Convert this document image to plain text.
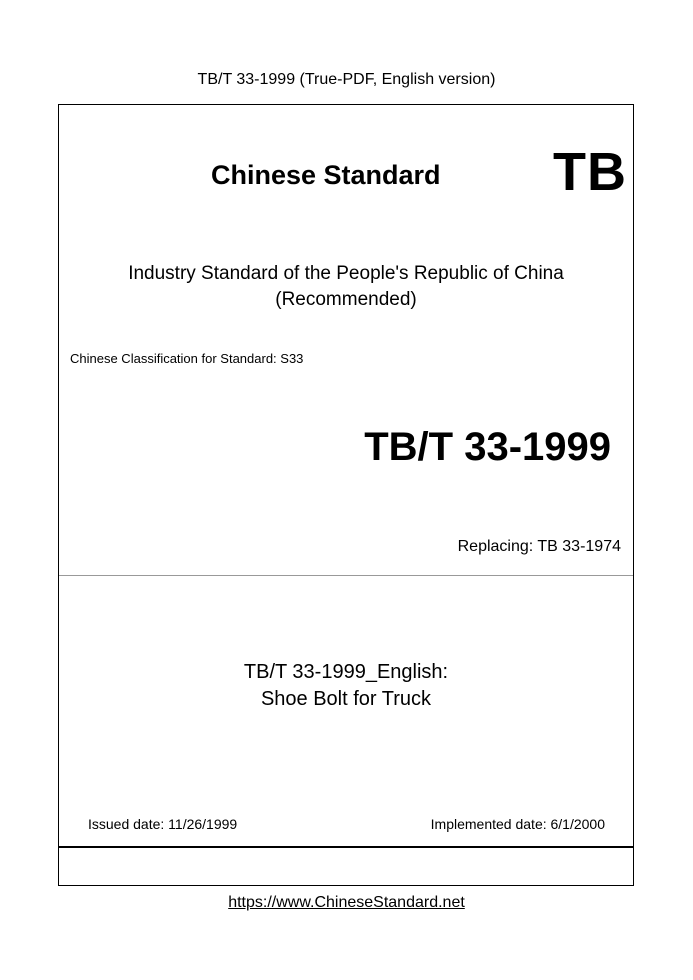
TB/T 33-1999 (True-PDF, English version)
Chinese Standard TB
Industry Standard of the People's Republic of China
(Recommended)
Chinese Classification for Standard: S33
TB/T 33-1999
Replacing: TB 33-1974
TB/T 33-1999_English:
Shoe Bolt for Truck
Issued date: 11/26/1999	Implemented date: 6/1/2000
https://www.ChineseStandard.net
